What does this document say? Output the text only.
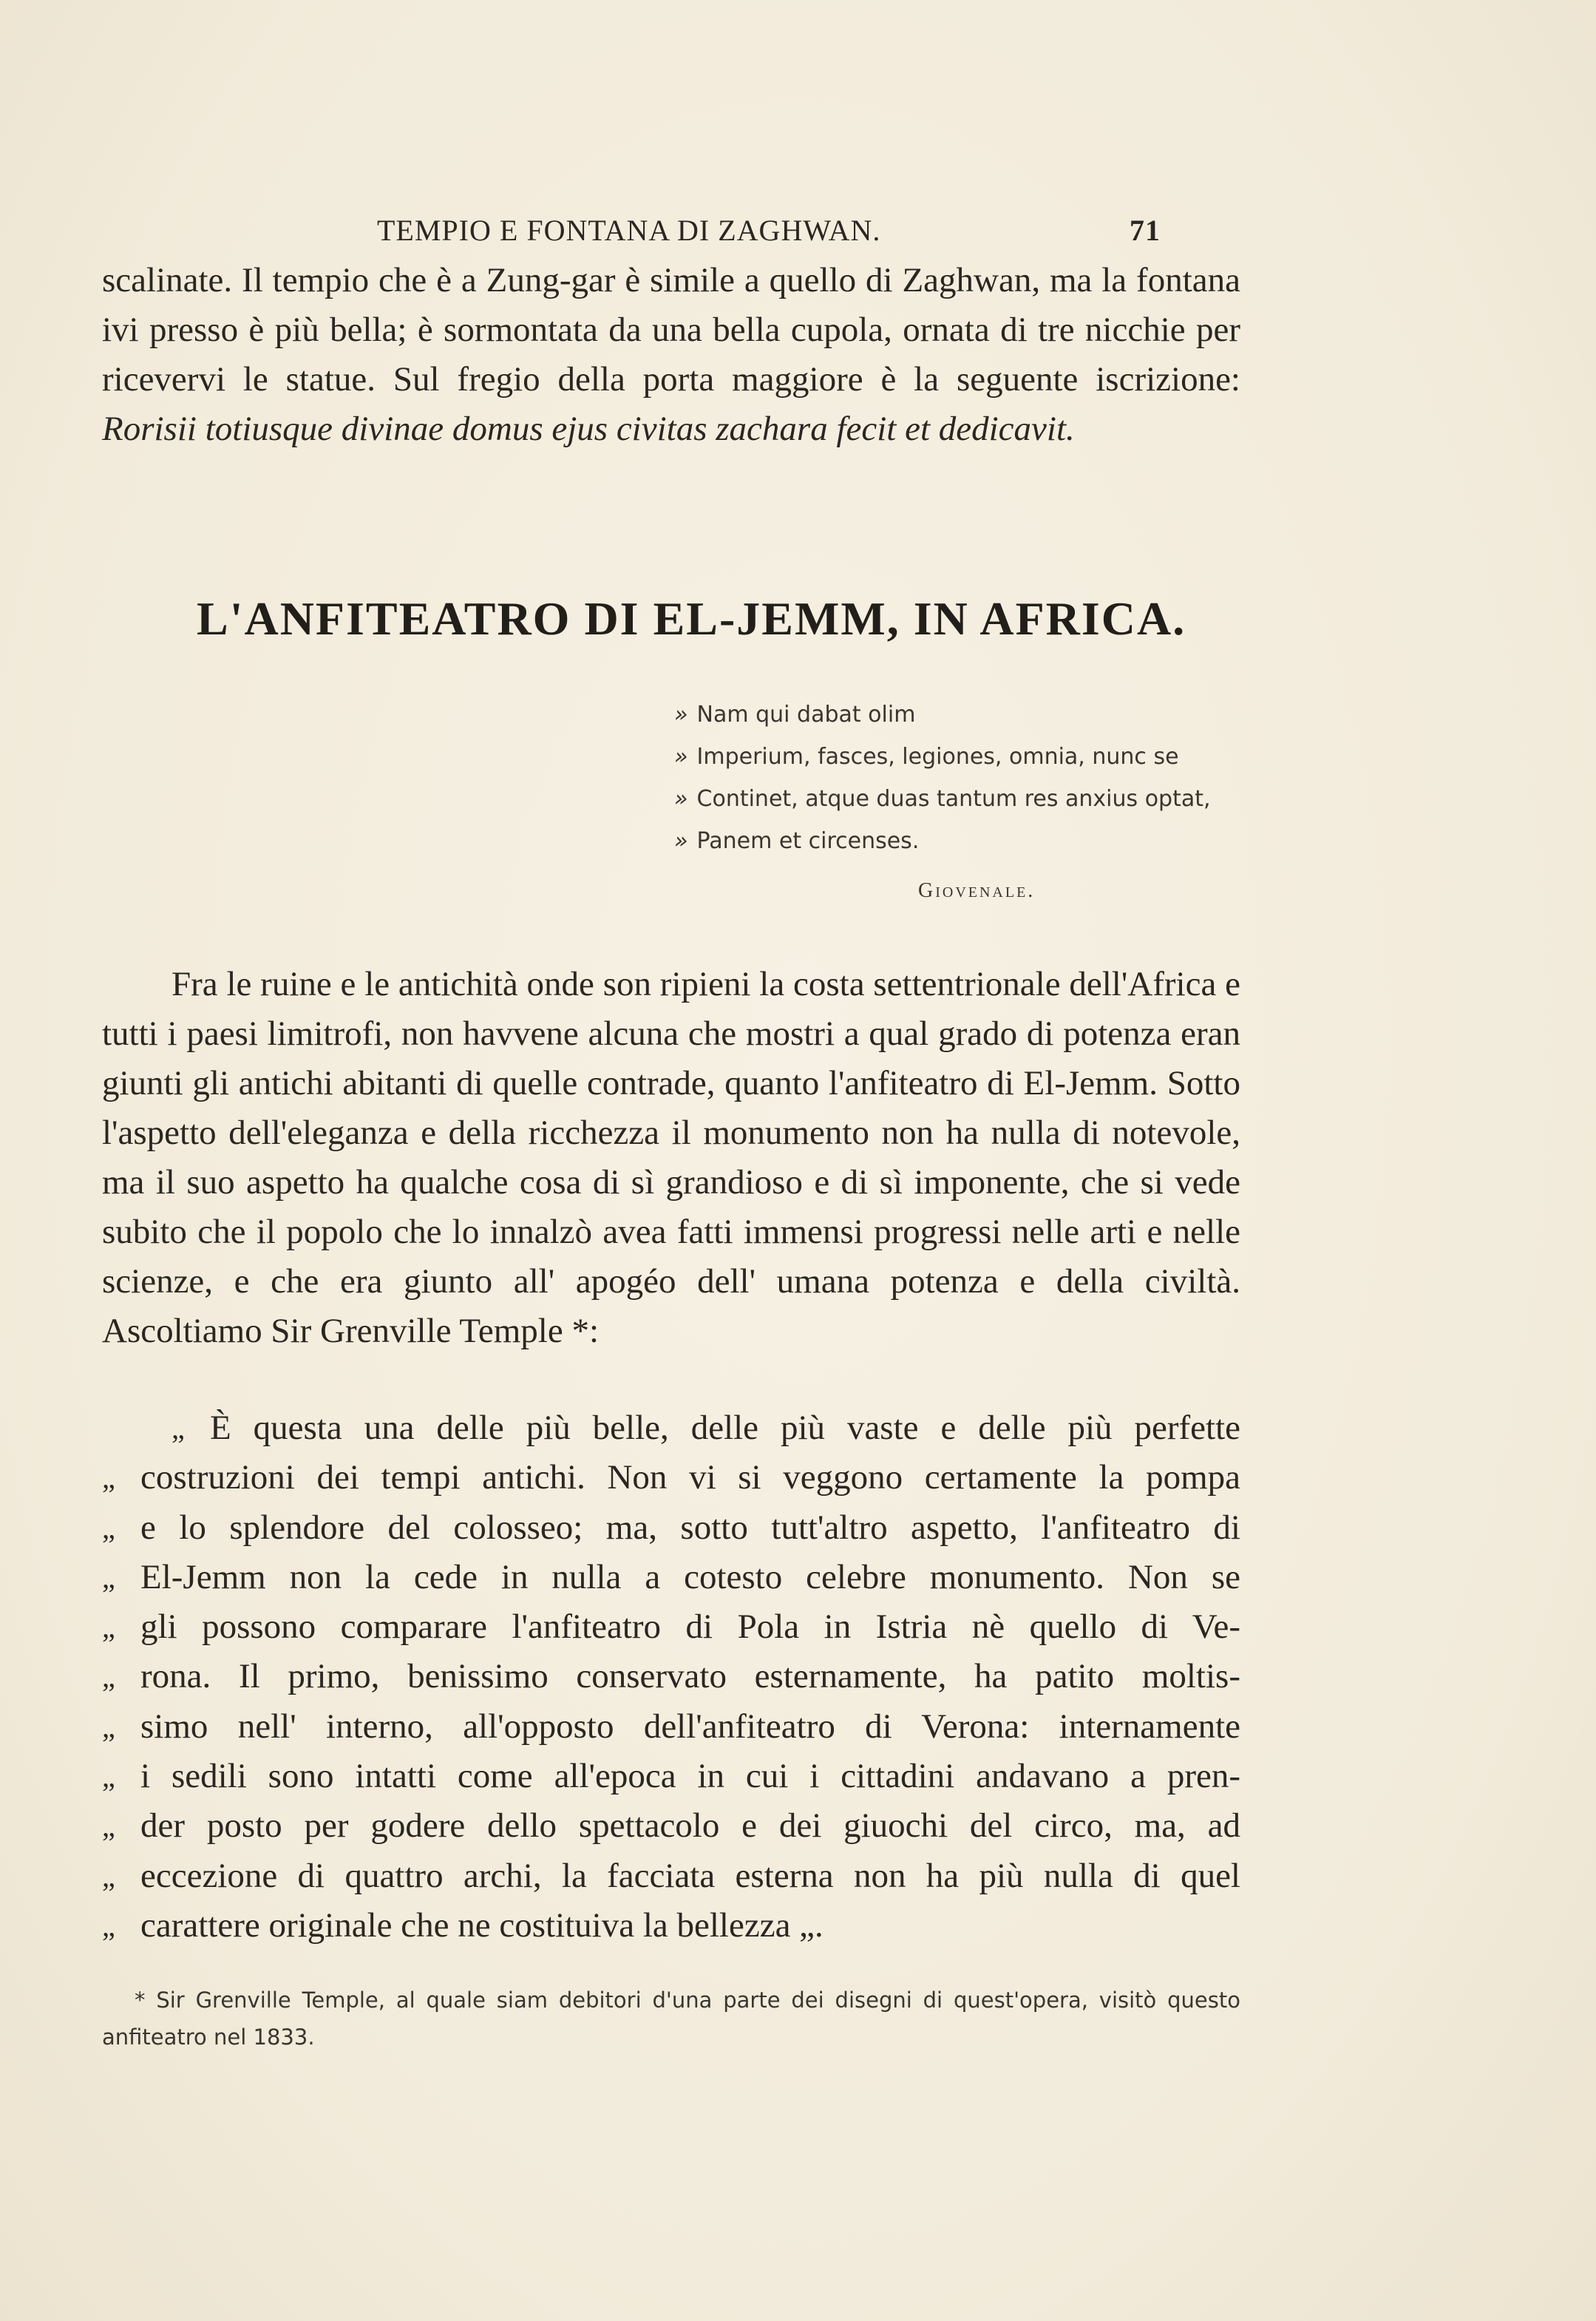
TEMPIO E FONTANA DI ZAGHWAN.	71
scalinate. Il tempio che è a Zung-gar è simile a quello di Zaghwan, ma la fontana ivi presso è più bella; è sormontata da una bella cupola, ornata di tre nicchie per ricevervi le statue. Sul fregio della porta maggiore è la seguente iscrizione: Rorisii totiusque divinae domus ejus civitas zachara fecit et dedicavit.
L'ANFITEATRO DI EL-JEMM, IN AFRICA.
» Nam qui dabat olim
» Imperium, fasces, legiones, omnia, nunc se
» Continet, atque duas tantum res anxius optat,
» Panem et circenses.
Giovenale.
Fra le ruine e le antichità onde son ripieni la costa settentrionale dell'Africa e tutti i paesi limitrofi, non havvene alcuna che mostri a qual grado di potenza eran giunti gli antichi abitanti di quelle contrade, quanto l'anfiteatro di El-Jemm. Sotto l'aspetto dell'eleganza e della ricchezza il monumento non ha nulla di notevole, ma il suo aspetto ha qualche cosa di sì grandioso e di sì imponente, che si vede subito che il popolo che lo innalzò avea fatti immensi progressi nelle arti e nelle scienze, e che era giunto all' apogéo dell' umana potenza e della civiltà. Ascoltiamo Sir Grenville Temple *:
„ È questa una delle più belle, delle più vaste e delle più perfette
„ costruzioni dei tempi antichi. Non vi si veggono certamente la pompa
„ e lo splendore del colosseo; ma, sotto tutt'altro aspetto, l'anfiteatro di
„ El-Jemm non la cede in nulla a cotesto celebre monumento. Non se
„ gli possono comparare l'anfiteatro di Pola in Istria nè quello di Ve-
„ rona. Il primo, benissimo conservato esternamente, ha patito moltis-
„ simo nell' interno, all'opposto dell'anfiteatro di Verona: internamente
„ i sedili sono intatti come all'epoca in cui i cittadini andavano a pren-
„ der posto per godere dello spettacolo e dei giuochi del circo, ma, ad
„ eccezione di quattro archi, la facciata esterna non ha più nulla di quel
„ carattere originale che ne costituiva la bellezza „.
* Sir Grenville Temple, al quale siam debitori d'una parte dei disegni di quest'opera, visitò questo anfiteatro nel 1833.
